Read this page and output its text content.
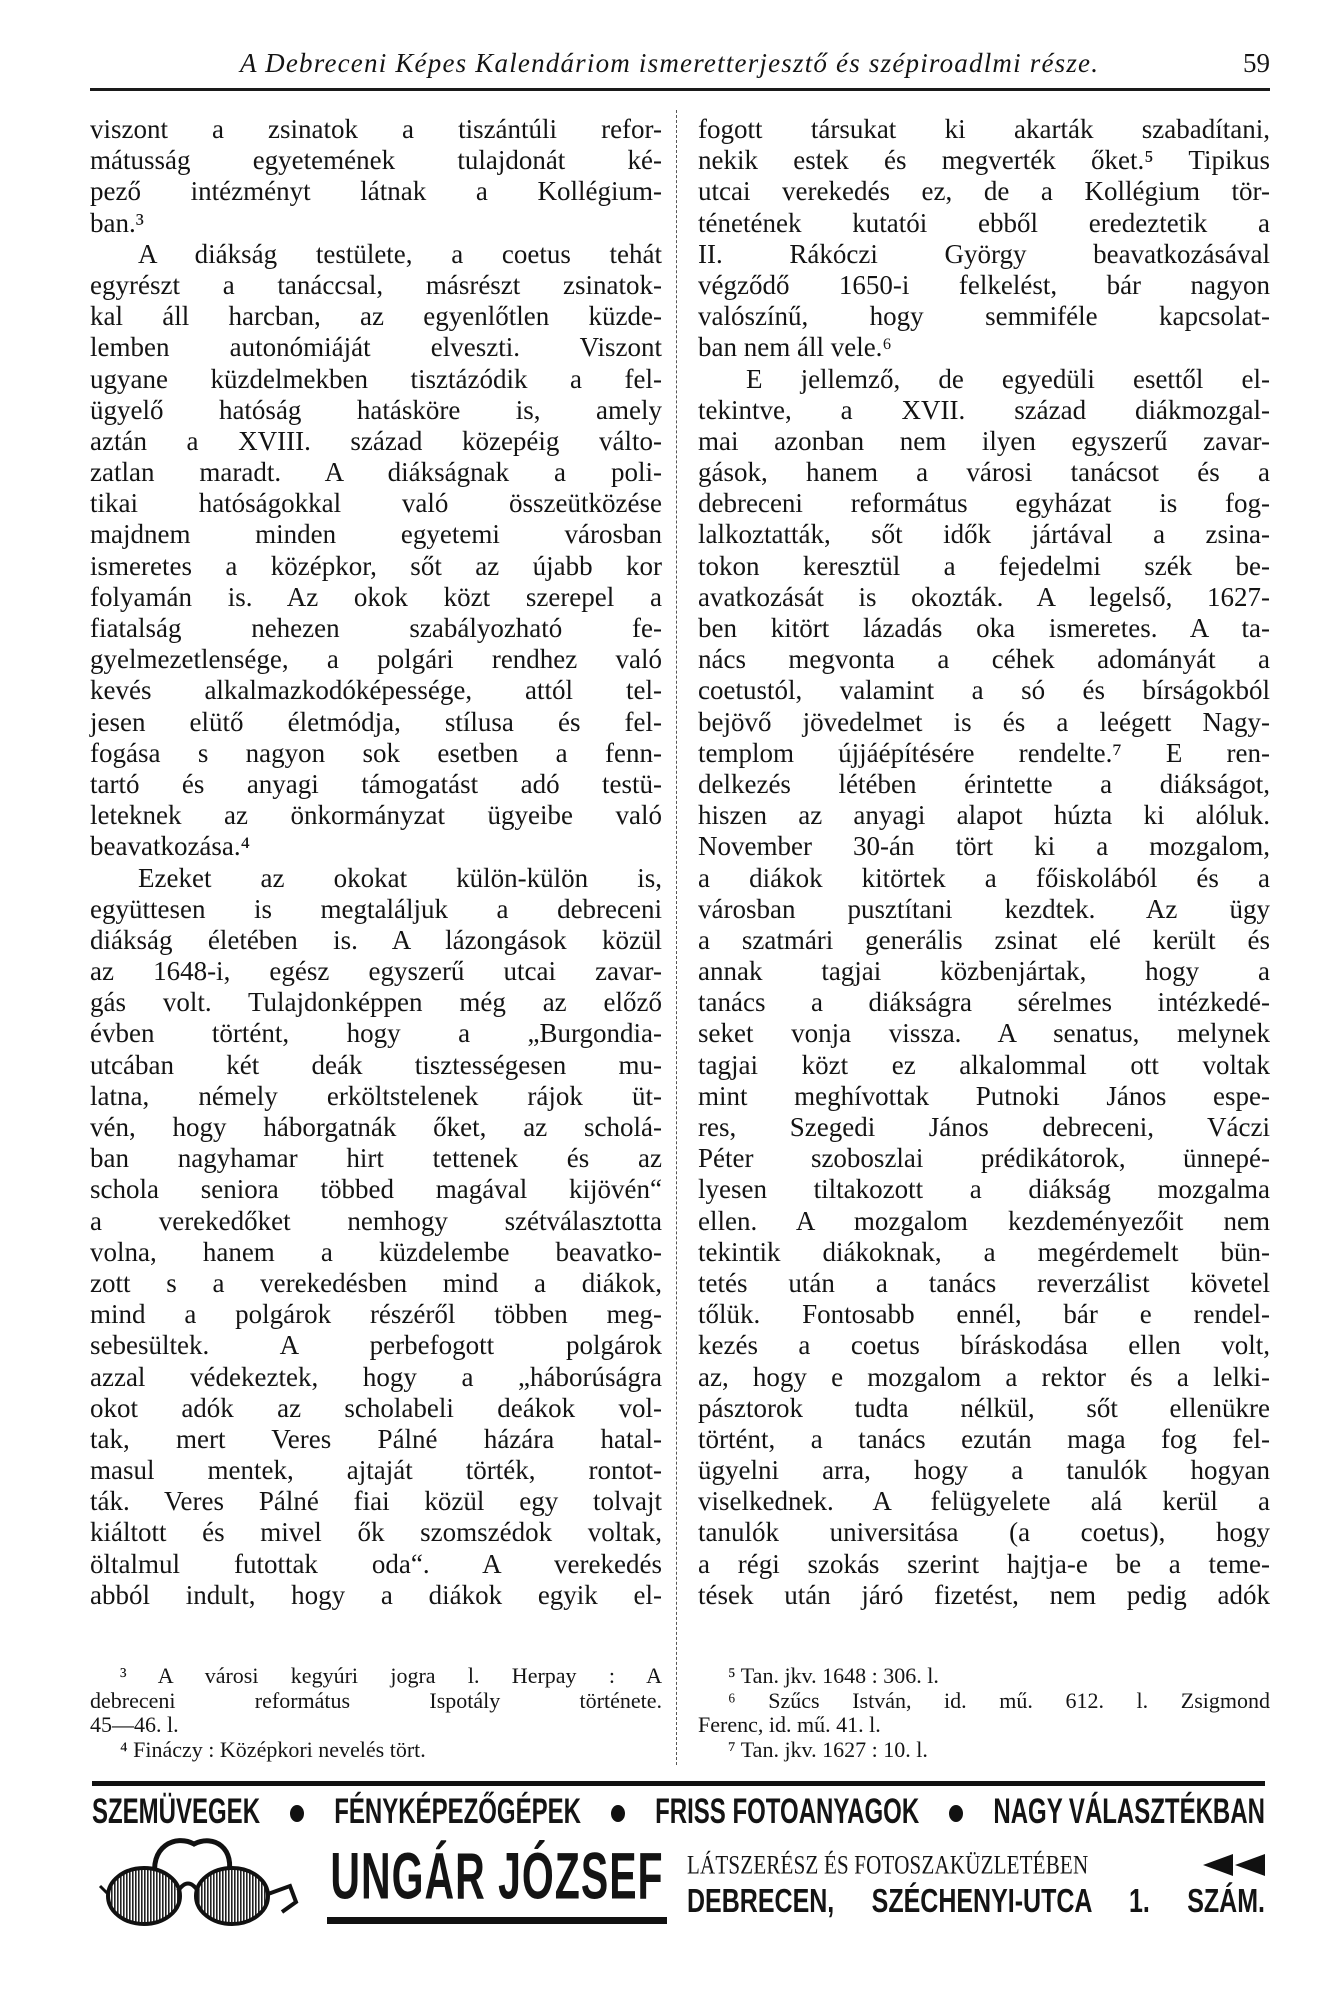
A Debreceni Képes Kalendáriom ismeretterjesztő és szépiroadlmi része.	59
viszont a zsinatok a tiszántúli refor-
mátusság egyetemének tulajdonát ké-
pező intézményt látnak a Kollégium-
ban.³
A diákság testülete, a coetus tehát
egyrészt a tanáccsal, másrészt zsinatok-
kal áll harcban, az egyenlőtlen küzde-
lemben autonómiáját elveszti. Viszont
ugyane küzdelmekben tisztázódik a fel-
ügyelő hatóság hatásköre is, amely
aztán a XVIII. század közepéig válto-
zatlan maradt. A diákságnak a poli-
tikai hatóságokkal való összeütközése
majdnem minden egyetemi városban
ismeretes a középkor, sőt az újabb kor
folyamán is. Az okok közt szerepel a
fiatalság nehezen szabályozható fe-
gyelmezetlensége, a polgári rendhez való
kevés alkalmazkodóképessége, attól tel-
jesen elütő életmódja, stílusa és fel-
fogása s nagyon sok esetben a fenn-
tartó és anyagi támogatást adó testü-
leteknek az önkormányzat ügyeibe való
beavatkozása.⁴
Ezeket az okokat külön-külön is,
együttesen is megtaláljuk a debreceni
diákság életében is. A lázongások közül
az 1648-i, egész egyszerű utcai zavar-
gás volt. Tulajdonképpen még az előző
évben történt, hogy a „Burgondia-
utcában két deák tisztességesen mu-
latna, némely erköltstelenek rájok üt-
vén, hogy háborgatnák őket, az scholá-
ban nagyhamar hirt tettenek és az
schola seniora többed magával kijövén“
a verekedőket nemhogy szétválasztotta
volna, hanem a küzdelembe beavatko-
zott s a verekedésben mind a diákok,
mind a polgárok részéről többen meg-
sebesültek. A perbefogott polgárok
azzal védekeztek, hogy a „háborúságra
okot adók az scholabeli deákok vol-
tak, mert Veres Pálné házára hatal-
masul mentek, ajtaját törték, rontot-
ták. Veres Pálné fiai közül egy tolvajt
kiáltott és mivel ők szomszédok voltak,
öltalmul futottak oda“. A verekedés
abból indult, hogy a diákok egyik el-
fogott társukat ki akarták szabadítani,
nekik estek és megverték őket.⁵ Tipikus
utcai verekedés ez, de a Kollégium tör-
ténetének kutatói ebből eredeztetik a
II. Rákóczi György beavatkozásával
végződő 1650-i felkelést, bár nagyon
valószínű, hogy semmiféle kapcsolat-
ban nem áll vele.⁶
E jellemző, de egyedüli esettől el-
tekintve, a XVII. század diákmozgal-
mai azonban nem ilyen egyszerű zavar-
gások, hanem a városi tanácsot és a
debreceni református egyházat is fog-
lalkoztatták, sőt idők jártával a zsina-
tokon keresztül a fejedelmi szék be-
avatkozását is okozták. A legelső, 1627-
ben kitört lázadás oka ismeretes. A ta-
nács megvonta a céhek adományát a
coetustól, valamint a só és bírságokból
bejövő jövedelmet is és a leégett Nagy-
templom újjáépítésére rendelte.⁷ E ren-
delkezés létében érintette a diákságot,
hiszen az anyagi alapot húzta ki alóluk.
November 30-án tört ki a mozgalom,
a diákok kitörtek a főiskolából és a
városban pusztítani kezdtek. Az ügy
a szatmári generális zsinat elé került és
annak tagjai közbenjártak, hogy a
tanács a diákságra sérelmes intézkedé-
seket vonja vissza. A senatus, melynek
tagjai közt ez alkalommal ott voltak
mint meghívottak Putnoki János espe-
res, Szegedi János debreceni, Váczi
Péter szoboszlai prédikátorok, ünnepé-
lyesen tiltakozott a diákság mozgalma
ellen. A mozgalom kezdeményezőit nem
tekintik diákoknak, a megérdemelt bün-
tetés után a tanács reverzálist követel
tőlük. Fontosabb ennél, bár e rendel-
kezés a coetus bíráskodása ellen volt,
az, hogy e mozgalom a rektor és a lelki-
pásztorok tudta nélkül, sőt ellenükre
történt, a tanács ezután maga fog fel-
ügyelni arra, hogy a tanulók hogyan
viselkednek. A felügyelete alá kerül a
tanulók universitása (a coetus), hogy
a régi szokás szerint hajtja-e be a teme-
tések után járó fizetést, nem pedig adók
³ A városi kegyúri jogra l. Herpay : A
debreceni református Ispotály története.
45—46. l.
⁴ Fináczy : Középkori nevelés tört.
⁵ Tan. jkv. 1648 : 306. l.
⁶ Szűcs István, id. mű. 612. l. Zsigmond
Ferenc, id. mű. 41. l.
⁷ Tan. jkv. 1627 : 10. l.
SZEMÜVEGEK	FÉNYKÉPEZŐGÉPEK	FRISS FOTOANYAGOK	NAGY VÁLASZTÉKBAN
UNGÁR JÓZSEF LÁTSZERÉSZ ÉS FOTOSZAKÜZLETÉBEN
DEBRECEN, SZÉCHENYI-UTCA 1. SZÁM.
